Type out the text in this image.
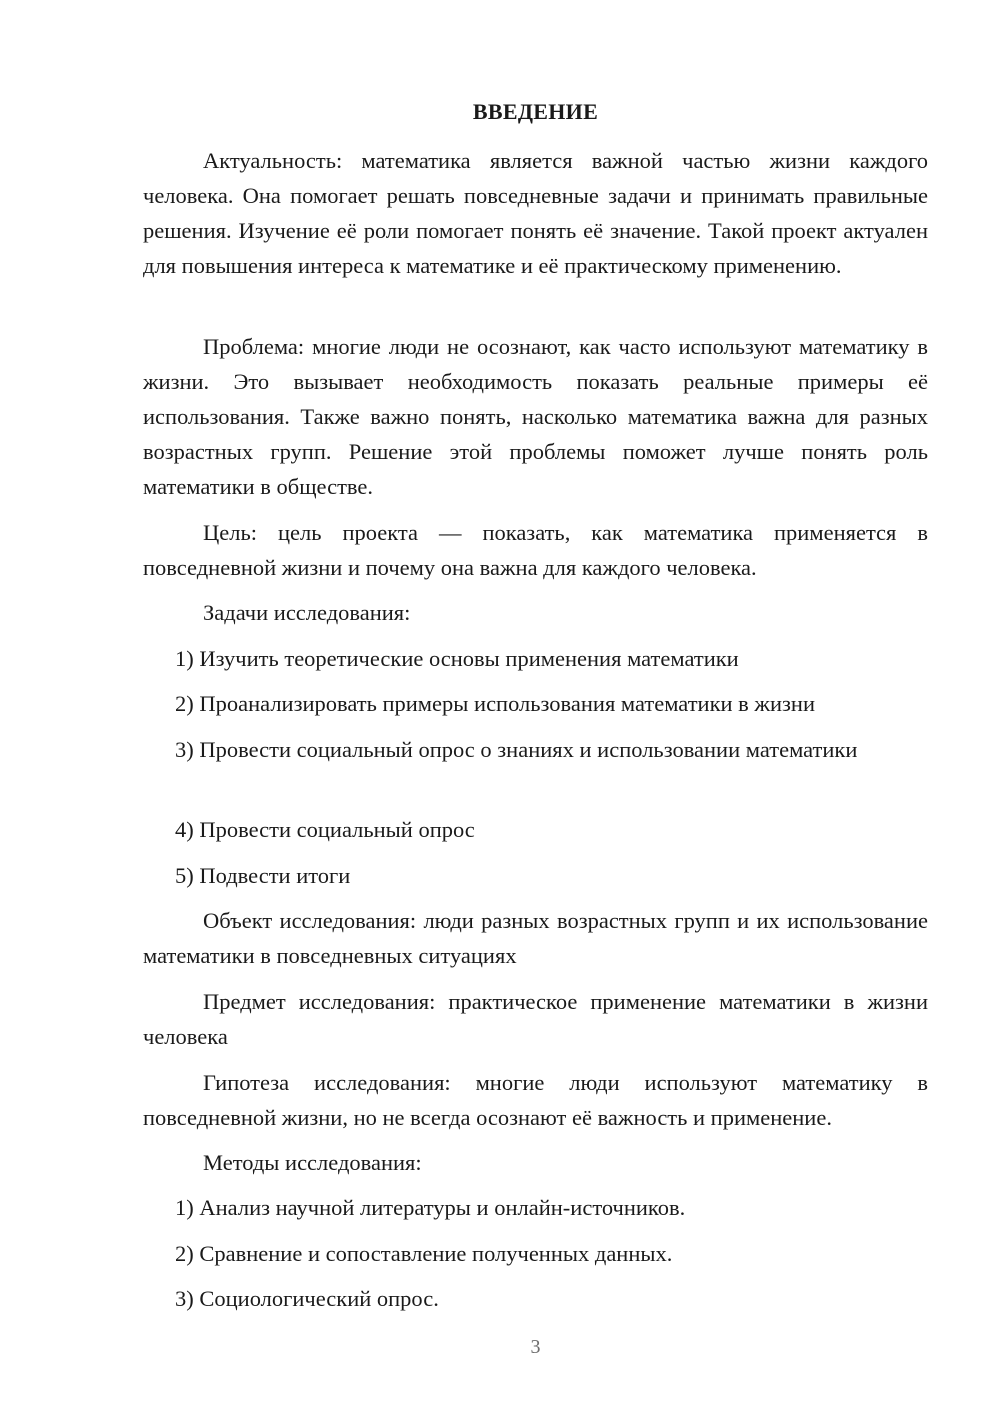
ВВЕДЕНИЕ

Актуальность: математика является важной частью жизни каждого человека. Она помогает решать повседневные задачи и принимать правильные решения. Изучение её роли помогает понять её значение. Такой проект актуален для повышения интереса к математике и её практическому применению.

Проблема: многие люди не осознают, как часто используют математику в жизни. Это вызывает необходимость показать реальные примеры её использования. Также важно понять, насколько математика важна для разных возрастных групп. Решение этой проблемы поможет лучше понять роль математики в обществе.

Цель: цель проекта — показать, как математика применяется в повседневной жизни и почему она важна для каждого человека.

Задачи исследования:

1) Изучить теоретические основы применения математики

2) Проанализировать примеры использования математики в жизни

3) Провести социальный опрос о знаниях и использовании математики

4) Провести социальный опрос

5) Подвести итоги

Объект исследования: люди разных возрастных групп и их использование математики в повседневных ситуациях

Предмет исследования: практическое применение математики в жизни человека

Гипотеза исследования: многие люди используют математику в повседневной жизни, но не всегда осознают её важность и применение.

Методы исследования:

1) Анализ научной литературы и онлайн-источников.

2) Сравнение и сопоставление полученных данных.

3) Социологический опрос.

3
